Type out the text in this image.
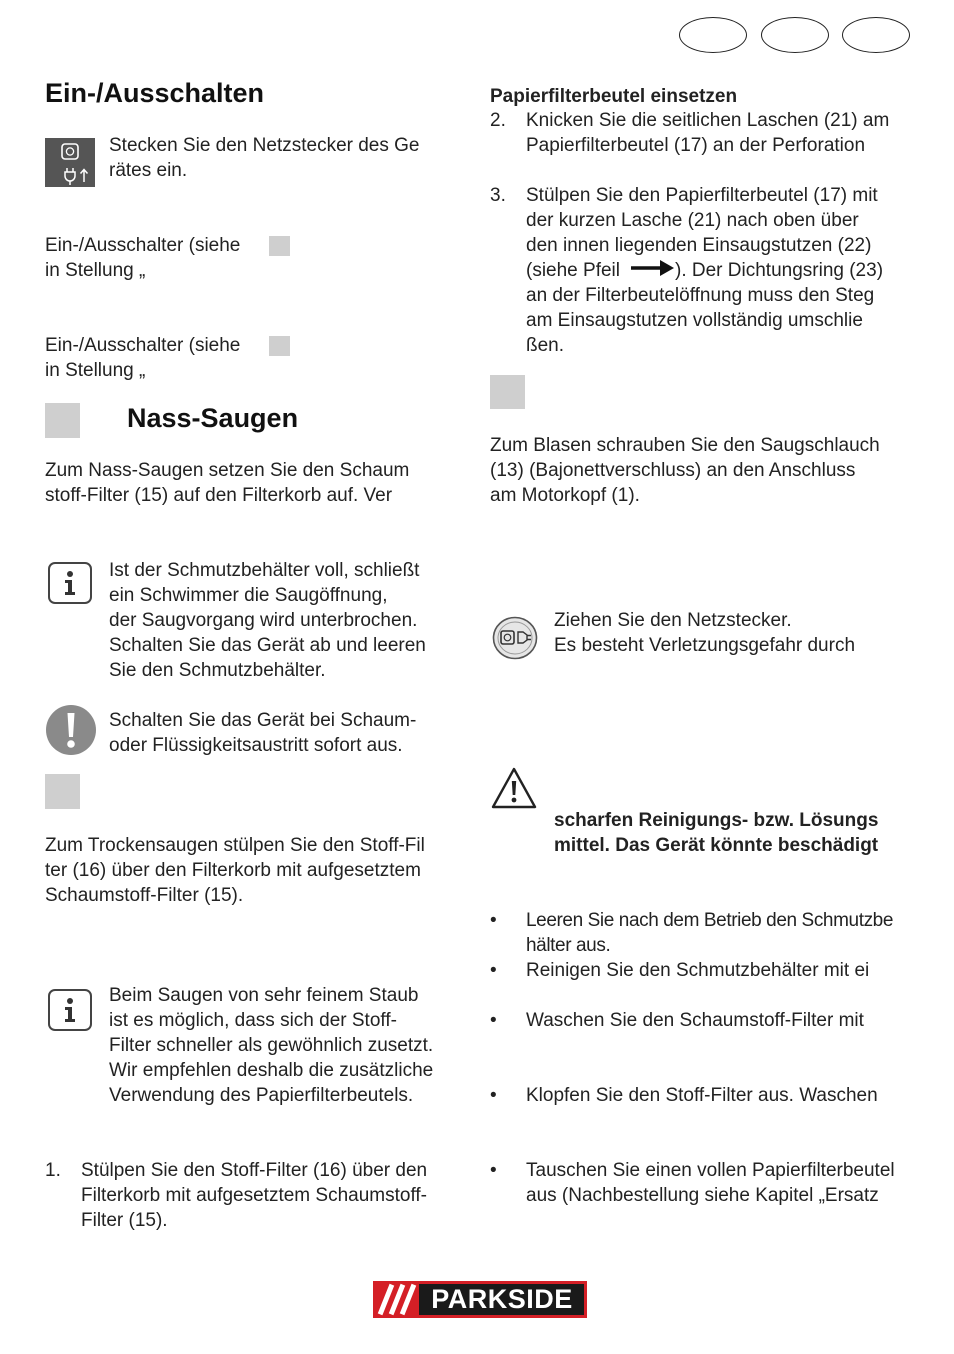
Ein-/Ausschalten
Stecken Sie den Netzstecker des Ge
rätes ein.
Ein-/Ausschalter (siehe
in Stellung „
Ein-/Ausschalter (siehe
in Stellung „
Nass-Saugen
Zum Nass-Saugen setzen Sie den Schaum
stoff-Filter (15) auf den Filterkorb auf. Ver
Ist der Schmutzbehälter voll, schließt
ein Schwimmer die Saugöffnung,
der Saugvorgang wird unterbrochen.
Schalten Sie das Gerät ab und leeren
Sie den Schmutzbehälter.
Schalten Sie das Gerät bei Schaum-
oder Flüssigkeitsaustritt sofort aus.
Zum Trockensaugen stülpen Sie den Stoff-Fil
ter (16) über den Filterkorb mit aufgesetztem
Schaumstoff-Filter (15).
Beim Saugen von sehr feinem Staub
ist es möglich, dass sich der Stoff-
Filter schneller als gewöhnlich zusetzt.
Wir empfehlen deshalb die zusätzliche
Verwendung des Papierfilterbeutels.
1. Stülpen Sie den Stoff-Filter (16) über den
Filterkorb mit aufgesetztem Schaumstoff-
Filter (15).
Papierfilterbeutel einsetzen
2. Knicken Sie die seitlichen Laschen (21) am
Papierfilterbeutel (17) an der Perforation
3. Stülpen Sie den Papierfilterbeutel (17) mit
der kurzen Lasche (21) nach oben über
den innen liegenden Einsaugstutzen (22)
(siehe Pfeil	). Der Dichtungsring (23)
an der Filterbeutelöffnung muss den Steg
am Einsaugstutzen vollständig umschlie
ßen.
Zum Blasen schrauben Sie den Saugschlauch
(13) (Bajonettverschluss) an den Anschluss
am Motorkopf (1).
Ziehen Sie den Netzstecker.
Es besteht Verletzungsgefahr durch
scharfen Reinigungs- bzw. Lösungs
mittel. Das Gerät könnte beschädigt
• Leeren Sie nach dem Betrieb den Schmutzbe
hälter aus.
• Reinigen Sie den Schmutzbehälter mit ei
• Waschen Sie den Schaumstoff-Filter mit
• Klopfen Sie den Stoff-Filter aus. Waschen
• Tauschen Sie einen vollen Papierfilterbeutel
aus (Nachbestellung siehe Kapitel „Ersatz
PARKSIDE
